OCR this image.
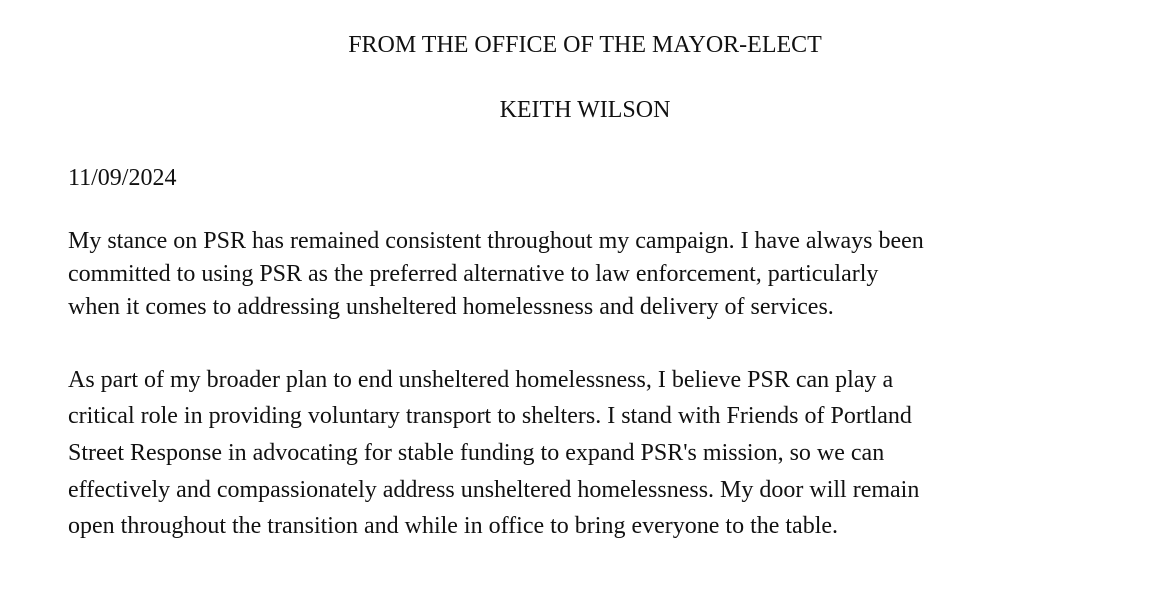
FROM THE OFFICE OF THE MAYOR-ELECT
KEITH WILSON
11/09/2024
My stance on PSR has remained consistent throughout my campaign. I have always been
committed to using PSR as the preferred alternative to law enforcement, particularly
when it comes to addressing unsheltered homelessness and delivery of services.
As part of my broader plan to end unsheltered homelessness, I believe PSR can play a
critical role in providing voluntary transport to shelters. I stand with Friends of Portland
Street Response in advocating for stable funding to expand PSR's mission, so we can
effectively and compassionately address unsheltered homelessness. My door will remain
open throughout the transition and while in office to bring everyone to the table.
